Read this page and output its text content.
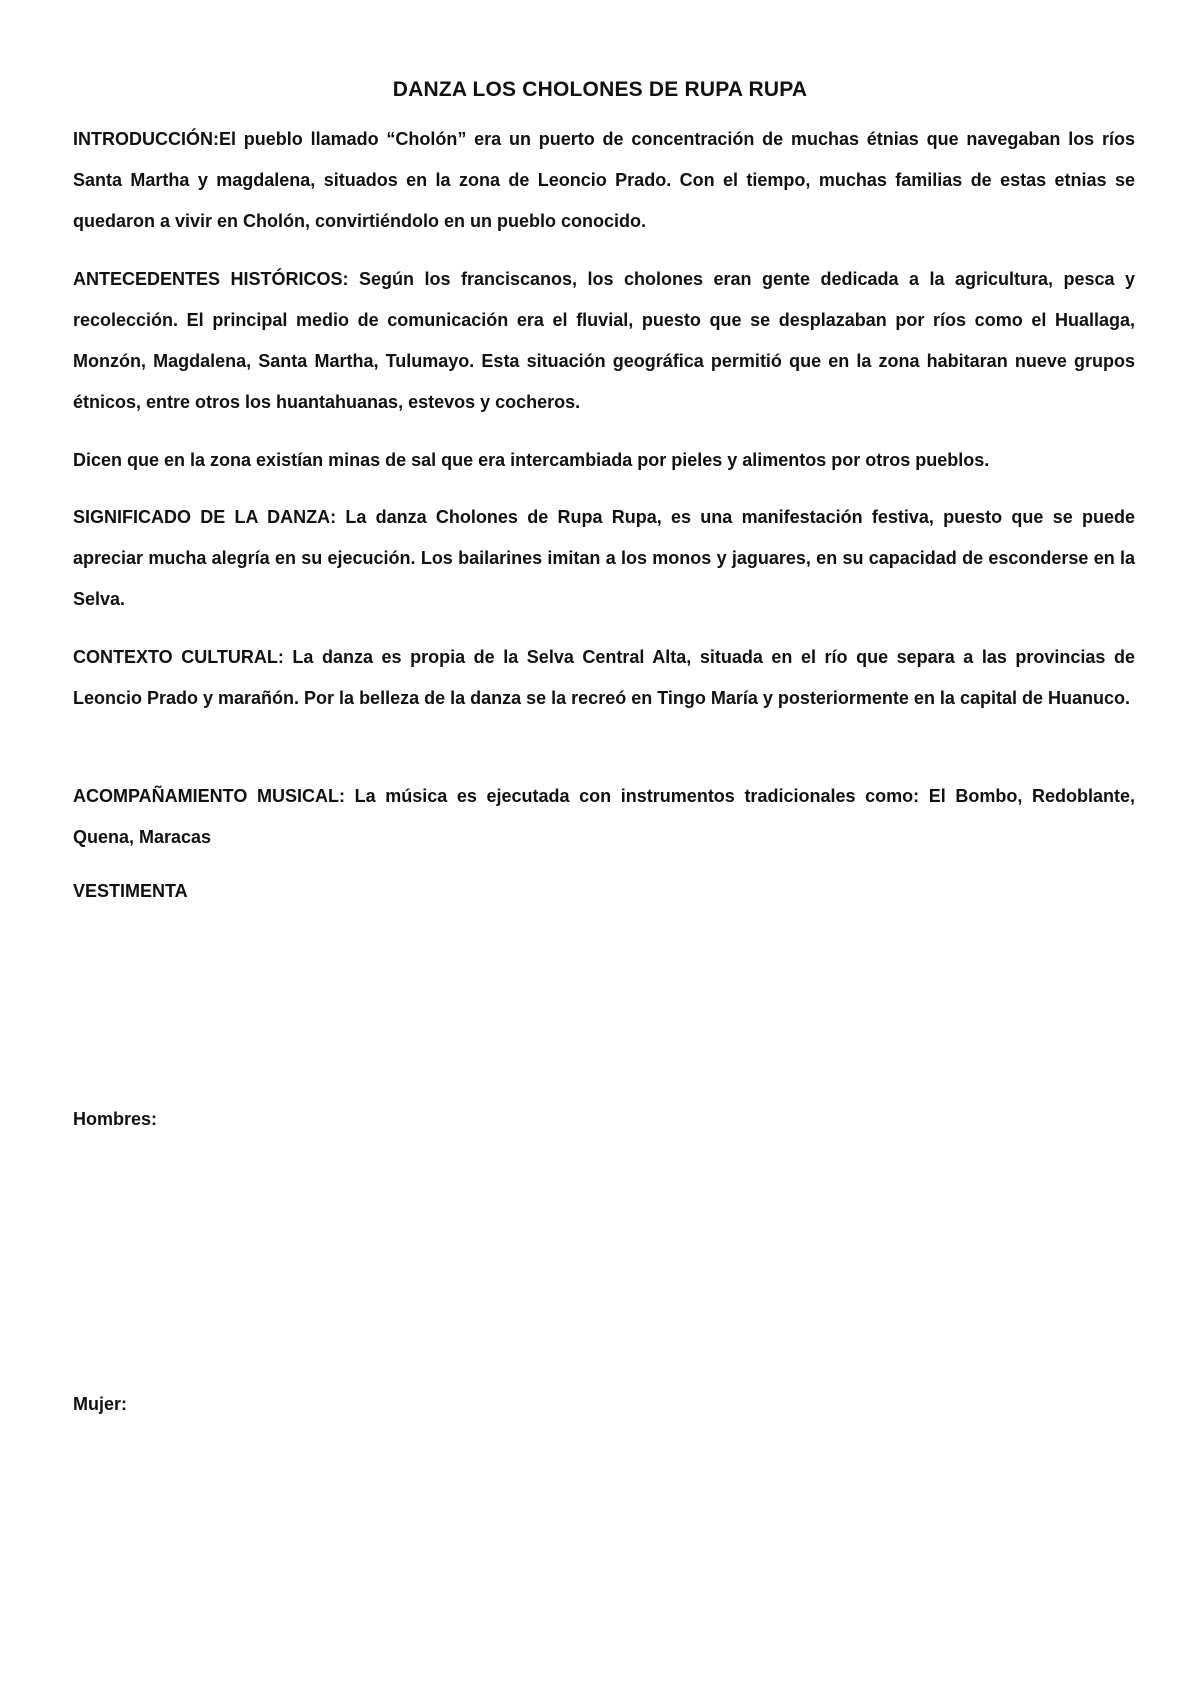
DANZA LOS CHOLONES DE RUPA RUPA

INTRODUCCIÓN:El pueblo llamado “Cholón” era un puerto de concentración de muchas étnias que navegaban los ríos Santa Martha y magdalena, situados en la zona de Leoncio Prado. Con el tiempo, muchas familias de estas etnias se quedaron a vivir en Cholón, convirtiéndolo en un pueblo conocido.

ANTECEDENTES HISTÓRICOS: Según los franciscanos, los cholones eran gente dedicada a la agricultura, pesca y recolección. El principal medio de comunicación era el fluvial, puesto que se desplazaban por ríos como el Huallaga, Monzón, Magdalena, Santa Martha, Tulumayo. Esta situación geográfica permitió que en la zona habitaran nueve grupos étnicos, entre otros los huantahuanas, estevos y cocheros.

Dicen que en la zona existían minas de sal que era intercambiada por pieles y alimentos por otros pueblos.

SIGNIFICADO DE LA DANZA: La danza Cholones de Rupa Rupa, es una manifestación festiva, puesto que se puede apreciar mucha alegría en su ejecución. Los bailarines imitan a los monos y jaguares, en su capacidad de esconderse en la Selva.

CONTEXTO CULTURAL: La danza es propia de la Selva Central Alta, situada en el río que separa a las provincias de Leoncio Prado y marañón. Por la belleza de la danza se la recreó en Tingo María y posteriormente en la capital de Huanuco.

ACOMPAÑAMIENTO MUSICAL: La música es ejecutada con instrumentos tradicionales como: El Bombo, Redoblante, Quena, Maracas

VESTIMENTA

Hombres:

Mujer:
